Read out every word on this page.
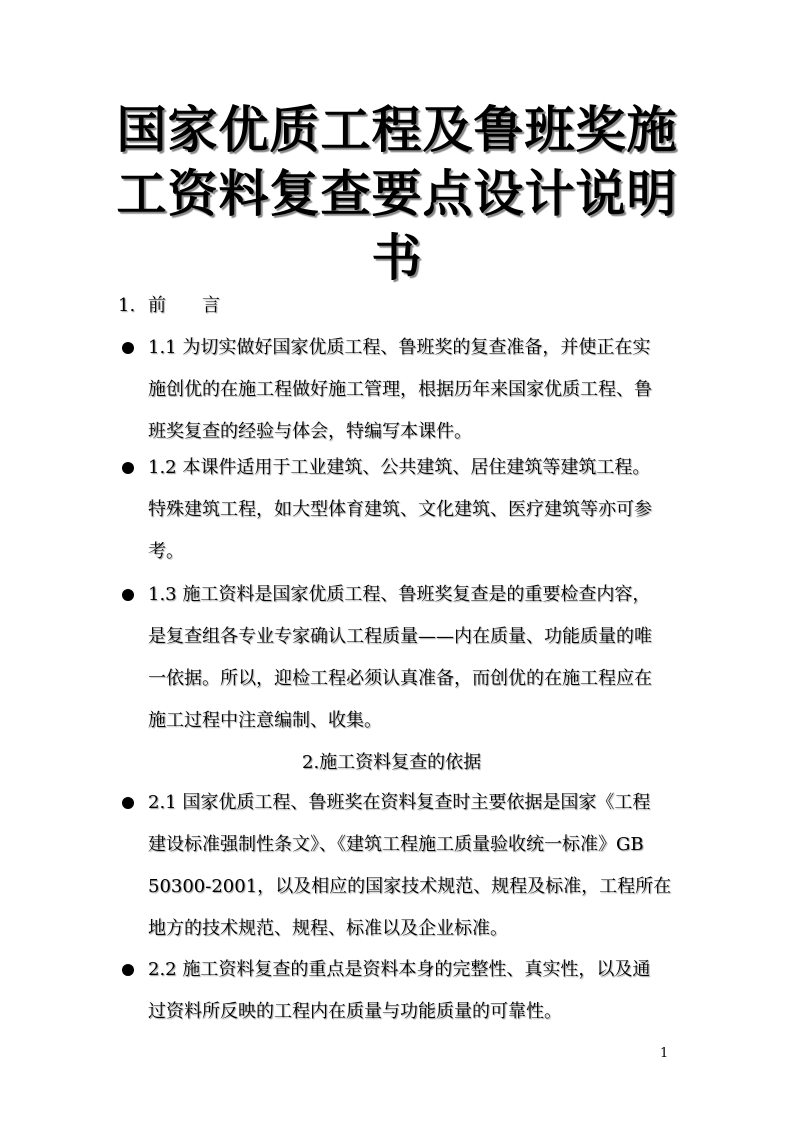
国家优质工程及鲁班奖施
工资料复查要点设计说明
书
1. 前　　言
1.1 为切实做好国家优质工程、鲁班奖的复查准备，并使正在实
施创优的在施工程做好施工管理，根据历年来国家优质工程、鲁
班奖复查的经验与体会，特编写本课件。
1.2 本课件适用于工业建筑、公共建筑、居住建筑等建筑工程。
特殊建筑工程，如大型体育建筑、文化建筑、医疗建筑等亦可参
考。
1.3 施工资料是国家优质工程、鲁班奖复查是的重要检查内容，
是复查组各专业专家确认工程质量——内在质量、功能质量的唯
一依据。所以，迎检工程必须认真准备，而创优的在施工程应在
施工过程中注意编制、收集。
2.施工资料复查的依据
2.1 国家优质工程、鲁班奖在资料复查时主要依据是国家《工程
建设标准强制性条文》、《建筑工程施工质量验收统一标准》GB
50300-2001，以及相应的国家技术规范、规程及标准，工程所在
地方的技术规范、规程、标准以及企业标准。
2.2 施工资料复查的重点是资料本身的完整性、真实性，以及通
过资料所反映的工程内在质量与功能质量的可靠性。
1
